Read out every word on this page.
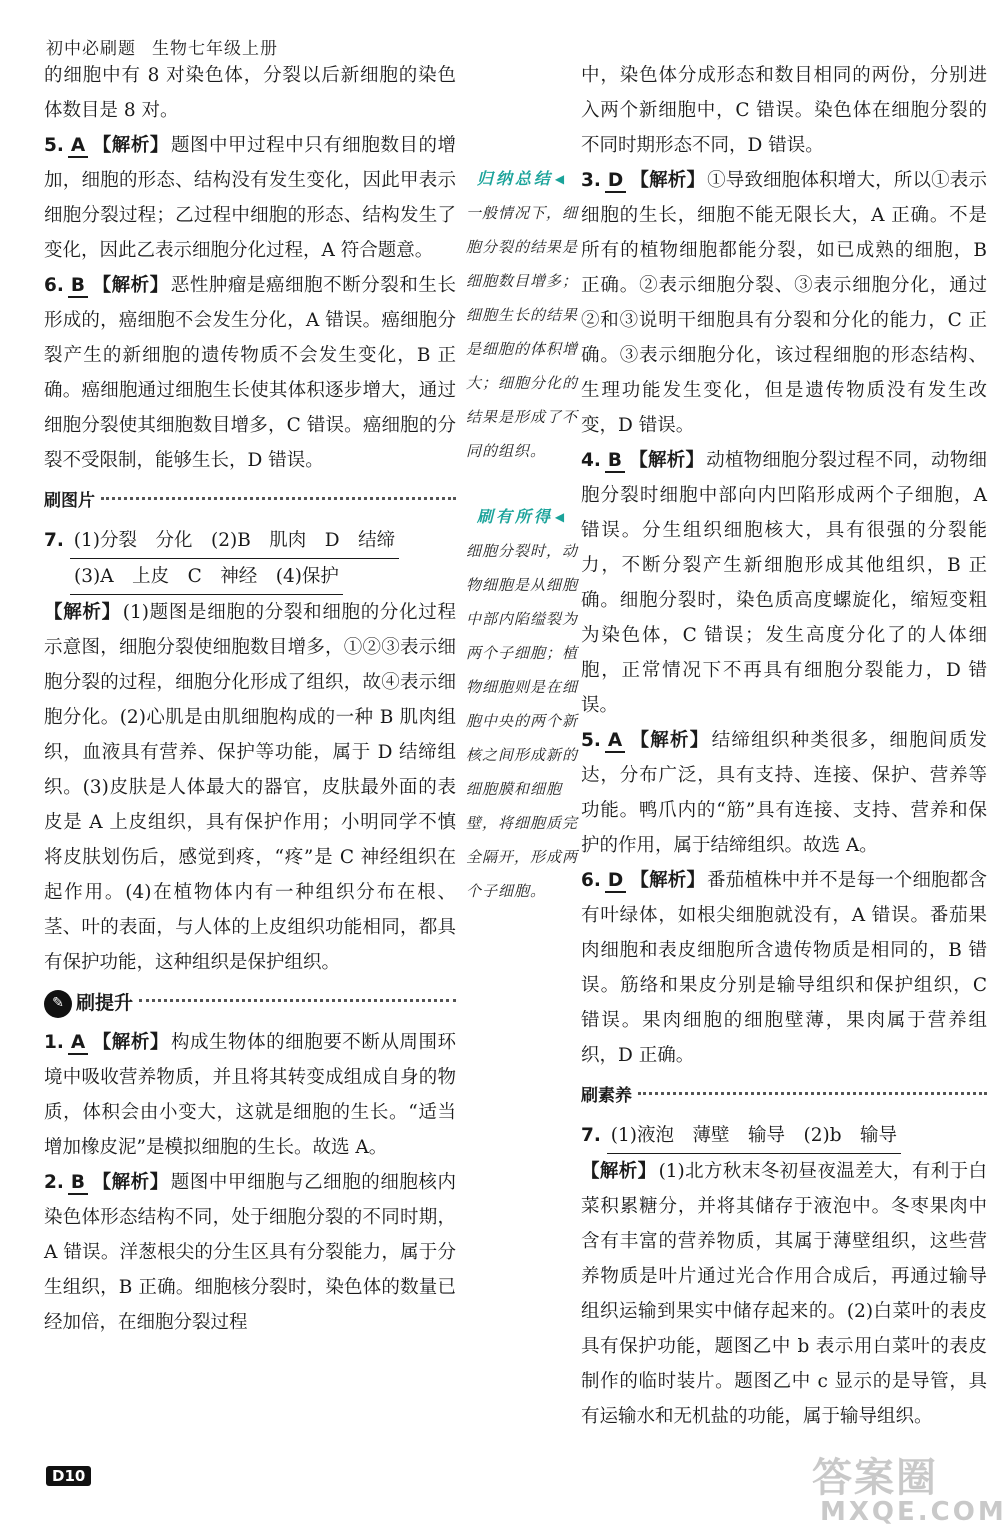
初中必刷题 生物七年级上册

的细胞中有 8 对染色体，分裂以后新细胞的染色体数目是 8 对。

5. A 【解析】 题图中甲过程中只有细胞数目的增加，细胞的形态、结构没有发生变化，因此甲表示细胞分裂过程；乙过程中细胞的形态、结构发生了变化，因此乙表示细胞分化过程，A 符合题意。

6. B 【解析】 恶性肿瘤是癌细胞不断分裂和生长形成的，癌细胞不会发生分化，A 错误。癌细胞分裂产生的新细胞的遗传物质不会发生变化，B 正确。癌细胞通过细胞生长使其体积逐步增大，通过细胞分裂使其细胞数目增多，C 错误。癌细胞的分裂不受限制，能够生长，D 错误。

刷图片
7. (1)分裂　分化　(2)B　肌肉　D　结缔
(3)A　上皮　C　神经　(4)保护
【解析】 (1)题图是细胞的分裂和细胞的分化过程示意图，细胞分裂使细胞数目增多，①②③表示细胞分裂的过程，细胞分化形成了组织，故④表示细胞分化。(2)心肌是由肌细胞构成的一种 B 肌肉组织，血液具有营养、保护等功能，属于 D 结缔组织。(3)皮肤是人体最大的器官，皮肤最外面的表皮是 A 上皮组织，具有保护作用；小明同学不慎将皮肤划伤后，感觉到疼，“疼”是 C 神经组织在起作用。(4)在植物体内有一种组织分布在根、茎、叶的表面，与人体的上皮组织功能相同，都具有保护功能，这种组织是保护组织。
✎ 刷提升

1. A 【解析】 构成生物体的细胞要不断从周围环境中吸收营养物质，并且将其转变成组成自身的物质，体积会由小变大，这就是细胞的生长。“适当增加橡皮泥”是模拟细胞的生长。故选 A。

2. B 【解析】 题图中甲细胞与乙细胞的细胞核内染色体形态结构不同，处于细胞分裂的不同时期，A 错误。洋葱根尖的分生区具有分裂能力，属于分生组织，B 正确。细胞核分裂时，染色体的数量已经加倍，在细胞分裂过程

归纳总结 ◀
一般情况下，细胞分裂的结果是细胞数目增多；细胞生长的结果是细胞的体积增大；细胞分化的结果是形成了不同的组织。
刷有所得 ◀
细胞分裂时，动物细胞是从细胞中部内陷缢裂为两个子细胞；植物细胞则是在细胞中央的两个新核之间形成新的细胞膜和细胞壁，将细胞质完全隔开，形成两个子细胞。

中，染色体分成形态和数目相同的两份，分别进入两个新细胞中，C 错误。染色体在细胞分裂的不同时期形态不同，D 错误。

3. D 【解析】 ①导致细胞体积增大，所以①表示细胞的生长，细胞不能无限长大，A 正确。不是所有的植物细胞都能分裂，如已成熟的细胞，B 正确。②表示细胞分裂、③表示细胞分化，通过②和③说明干细胞具有分裂和分化的能力，C 正确。③表示细胞分化，该过程细胞的形态结构、生理功能发生变化，但是遗传物质没有发生改变，D 错误。

4. B 【解析】 动植物细胞分裂过程不同，动物细胞分裂时细胞中部向内凹陷形成两个子细胞，A 错误。分生组织细胞核大，具有很强的分裂能力，不断分裂产生新细胞形成其他组织，B 正确。细胞分裂时，染色质高度螺旋化，缩短变粗为染色体，C 错误；发生高度分化了的人体细胞，正常情况下不再具有细胞分裂能力，D 错误。

5. A 【解析】 结缔组织种类很多，细胞间质发达，分布广泛，具有支持、连接、保护、营养等功能。鸭爪内的“筋”具有连接、支持、营养和保护的作用，属于结缔组织。故选 A。

6. D 【解析】 番茄植株中并不是每一个细胞都含有叶绿体，如根尖细胞就没有，A 错误。番茄果肉细胞和表皮细胞所含遗传物质是相同的，B 错误。筋络和果皮分别是输导组织和保护组织，C 错误。果肉细胞的细胞壁薄，果肉属于营养组织，D 正确。

刷素养
7. (1)液泡　薄壁　输导　(2)b　输导
【解析】 (1)北方秋末冬初昼夜温差大，有利于白菜积累糖分，并将其储存于液泡中。冬枣果肉中含有丰富的营养物质，其属于薄壁组织，这些营养物质是叶片通过光合作用合成后，再通过输导组织运输到果实中储存起来的。(2)白菜叶的表皮具有保护功能，题图乙中 b 表示用白菜叶的表皮制作的临时装片。题图乙中 c 显示的是导管，具有运输水和无机盐的功能，属于输导组织。
D10	答案圈
MXQE.COM
